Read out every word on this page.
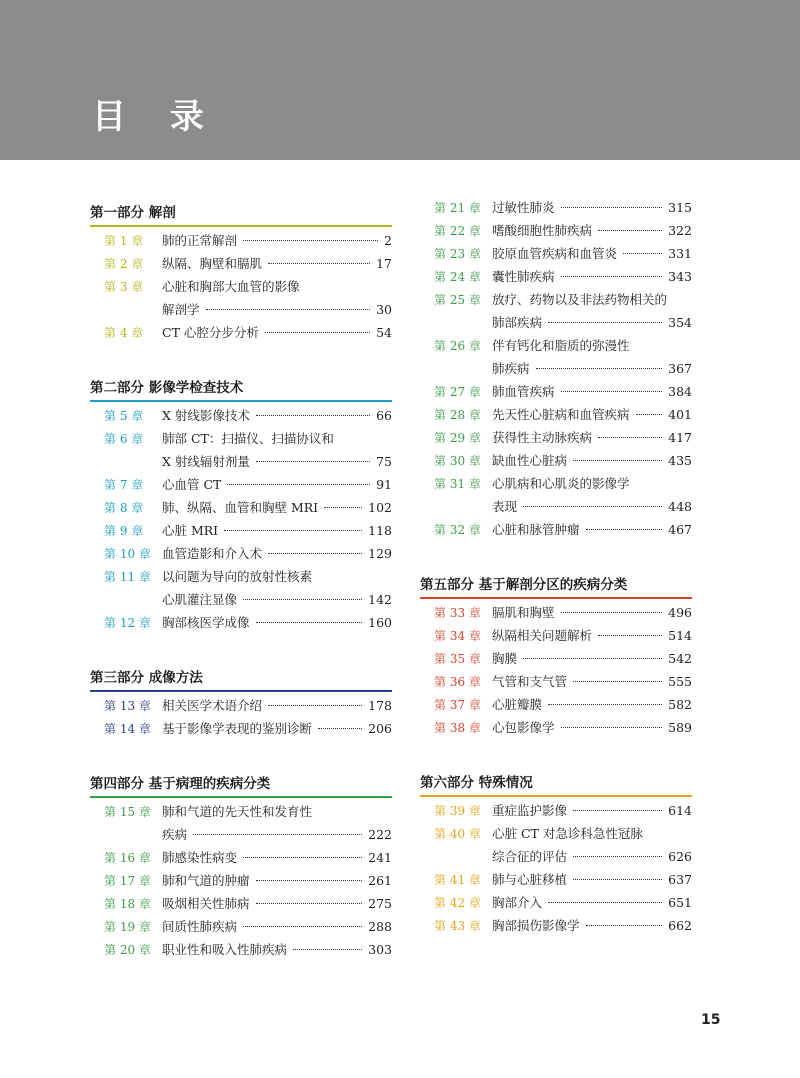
目 录
第一部分 解剖
第 1 章	肺的正常解剖	2
第 2 章	纵隔、胸壁和膈肌	17
第 3 章	心脏和胸部大血管的影像
解剖学	30
第 4 章	CT 心腔分步分析	54
第二部分 影像学检查技术
第 5 章	X 射线影像技术	66
第 6 章	肺部 CT：扫描仪、扫描协议和
X 射线辐射剂量	75
第 7 章	心血管 CT	91
第 8 章	肺、纵隔、血管和胸壁 MRI	102
第 9 章	心脏 MRI	118
第 10 章 血管造影和介入术	129
第 11 章 以问题为导向的放射性核素
心肌灌注显像	142
第 12 章 胸部核医学成像	160
第三部分 成像方法
第 13 章 相关医学术语介绍	178
第 14 章 基于影像学表现的鉴别诊断	206
第四部分 基于病理的疾病分类
第 15 章 肺和气道的先天性和发育性
疾病	222
第 16 章 肺感染性病变	241
第 17 章 肺和气道的肿瘤	261
第 18 章 吸烟相关性肺病	275
第 19 章 间质性肺疾病	288
第 20 章 职业性和吸入性肺疾病	303
第 21 章 过敏性肺炎	315
第 22 章 嗜酸细胞性肺疾病	322
第 23 章 胶原血管疾病和血管炎	331
第 24 章 囊性肺疾病	343
第 25 章 放疗、药物以及非法药物相关的
肺部疾病	354
第 26 章 伴有钙化和脂质的弥漫性
肺疾病	367
第 27 章 肺血管疾病	384
第 28 章 先天性心脏病和血管疾病	401
第 29 章 获得性主动脉疾病	417
第 30 章 缺血性心脏病	435
第 31 章 心肌病和心肌炎的影像学
表现	448
第 32 章 心脏和脉管肿瘤	467
第五部分 基于解剖分区的疾病分类
第 33 章 膈肌和胸壁	496
第 34 章 纵隔相关问题解析	514
第 35 章 胸膜	542
第 36 章 气管和支气管	555
第 37 章 心脏瓣膜	582
第 38 章 心包影像学	589
第六部分 特殊情况
第 39 章 重症监护影像	614
第 40 章 心脏 CT 对急诊科急性冠脉
综合征的评估	626
第 41 章 肺与心脏移植	637
第 42 章 胸部介入	651
第 43 章 胸部损伤影像学	662
15
